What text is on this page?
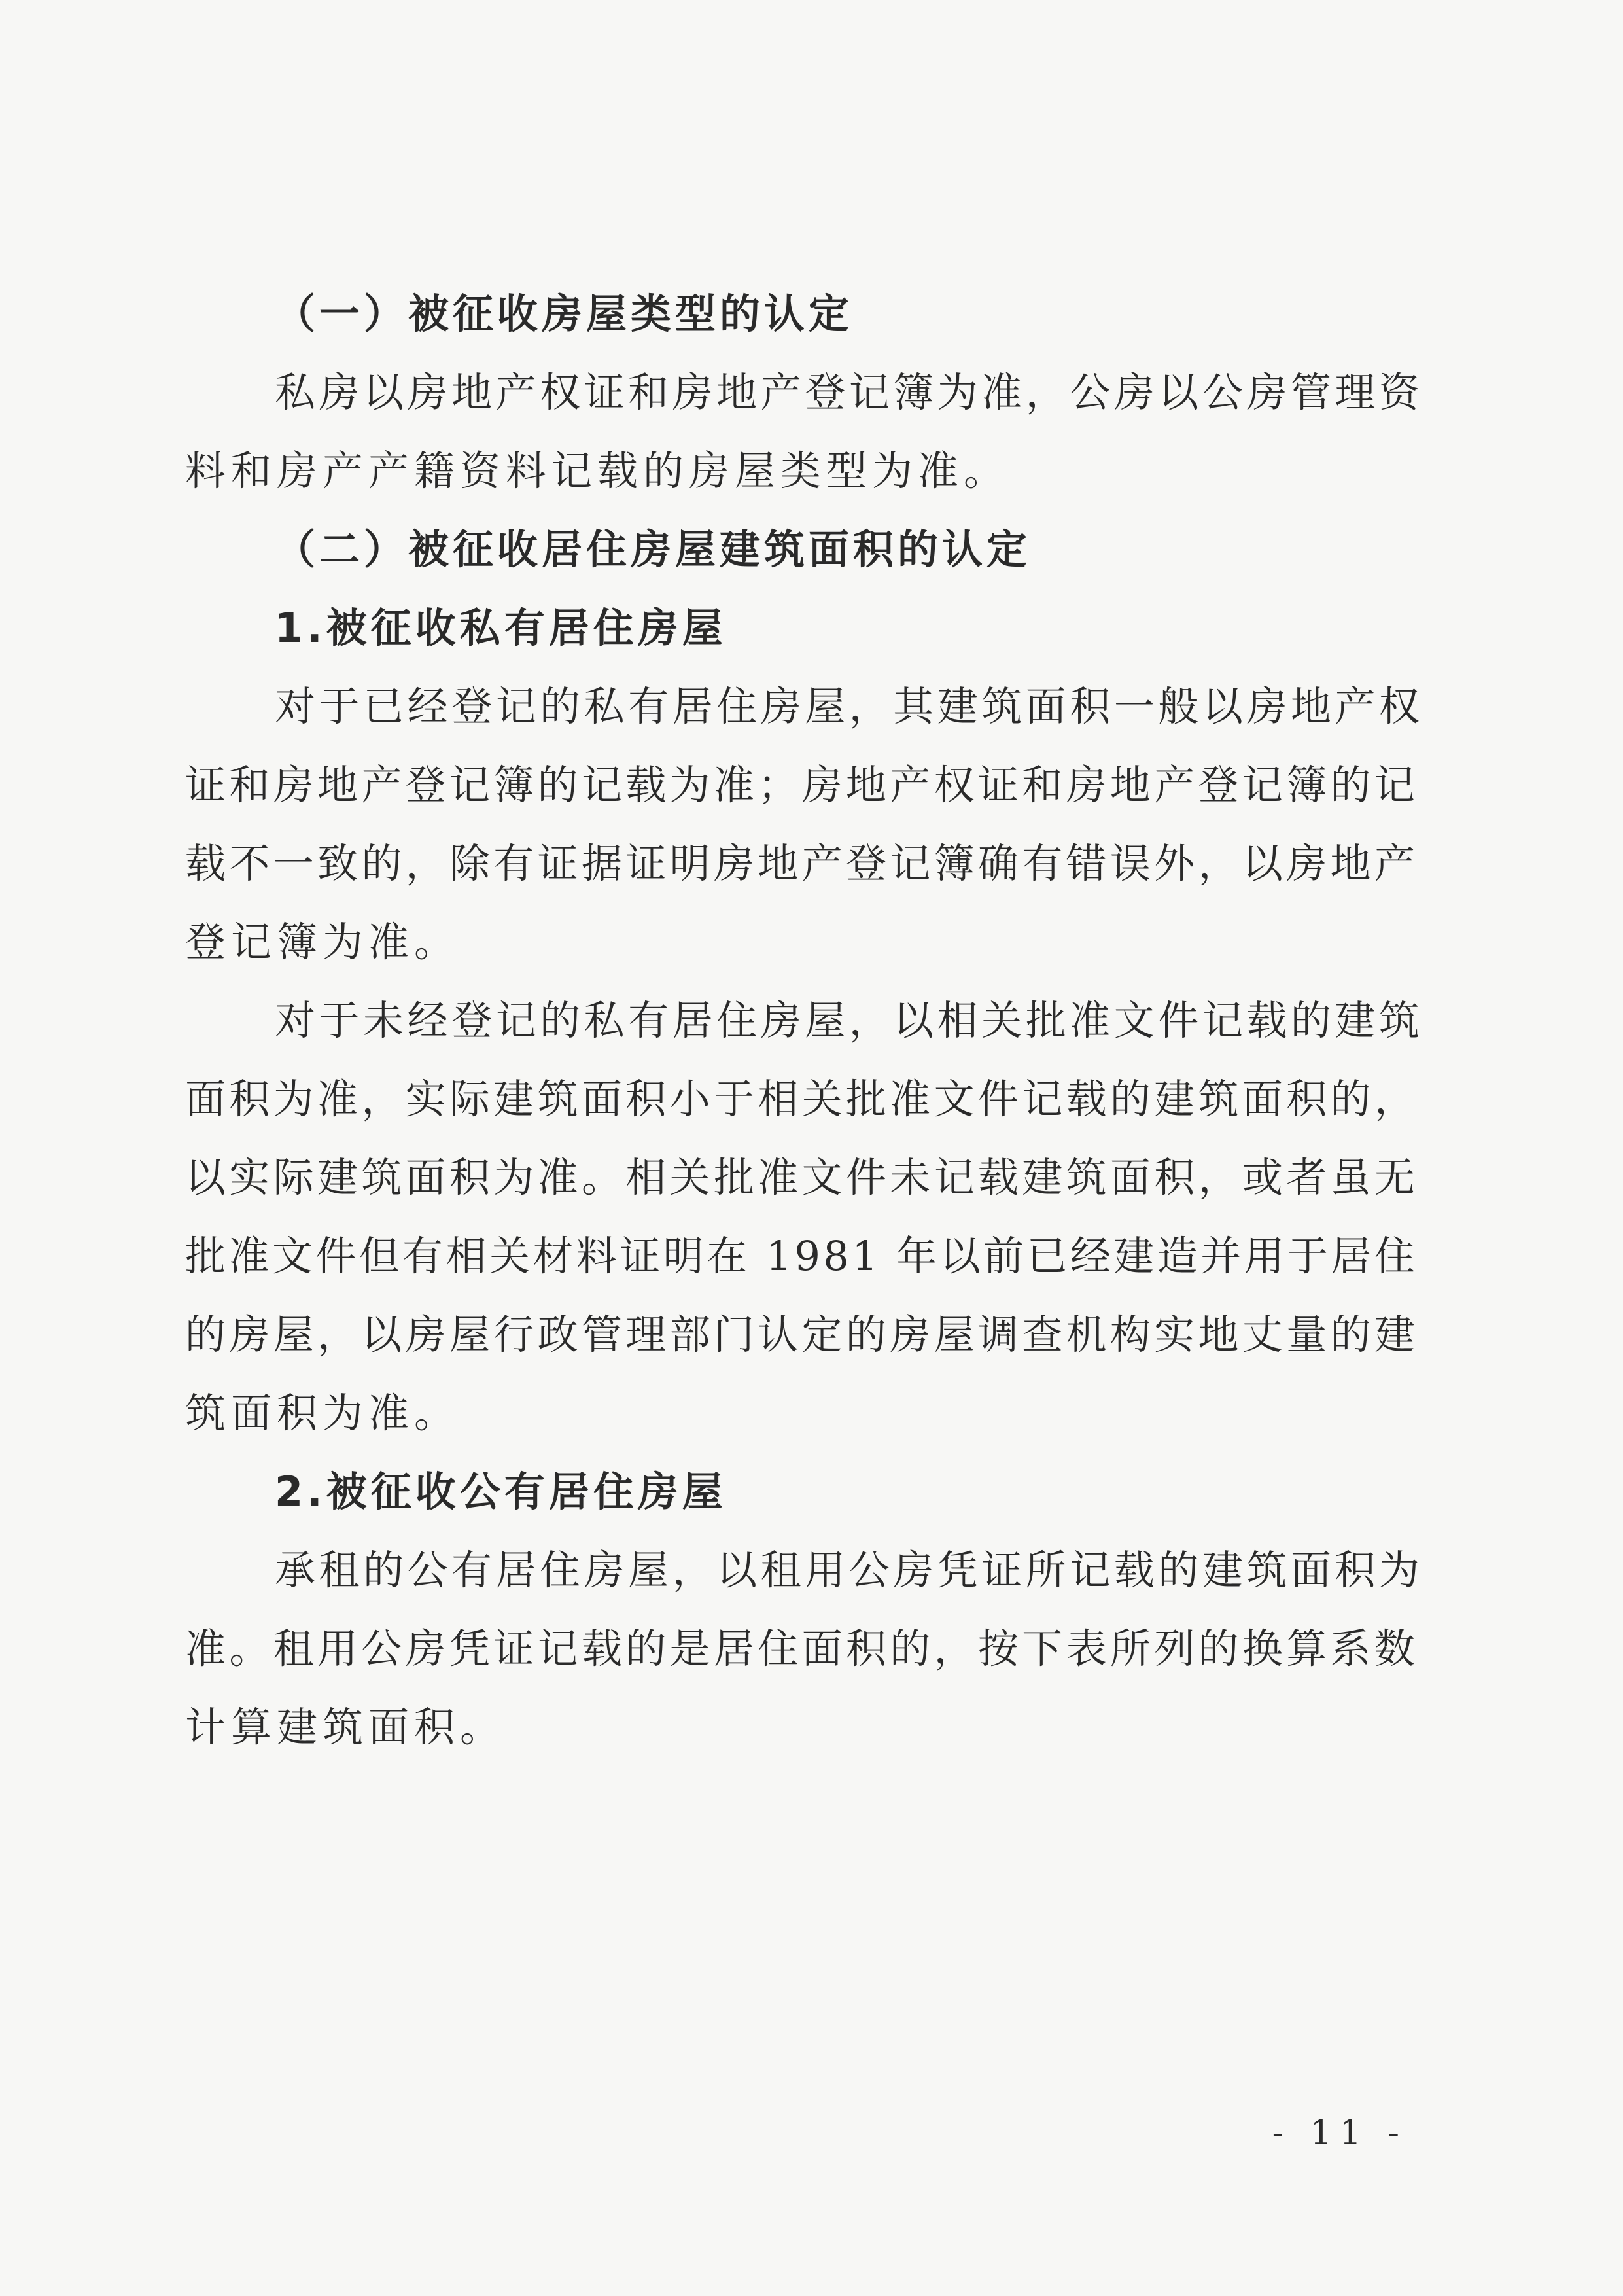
（一）被征收房屋类型的认定
私 房 以 房 地 产 权 证 和 房 地 产 登 记 簿 为 准 ， 公 房 以 公 房 管 理 资
料和房产产籍资料记载的房屋类型为准。
（二）被征收居住房屋建筑面积的认定
1.被征收私有居住房屋
对 于 已 经 登 记 的 私 有 居 住 房 屋 ， 其 建 筑 面 积 一 般 以 房 地 产 权
证 和 房 地 产 登 记 簿 的 记 载 为 准 ； 房 地 产 权 证 和 房 地 产 登 记 簿 的 记
载 不 一 致 的 ， 除 有 证 据 证 明 房 地 产 登 记 簿 确 有 错 误 外 ， 以 房 地 产
登记簿为准。
对 于 未 经 登 记 的 私 有 居 住 房 屋 ， 以 相 关 批 准 文 件 记 载 的 建 筑
面 积 为 准 ， 实 际 建 筑 面 积 小 于 相 关 批 准 文 件 记 载 的 建 筑 面 积 的 ，
以 实 际 建 筑 面 积 为 准 。 相 关 批 准 文 件 未 记 载 建 筑 面 积 ， 或 者 虽 无
批 准 文 件 但 有 相 关 材 料 证 明 在
1 9 8 1
年 以 前 已 经 建 造 并 用 于 居 住
的 房 屋 ， 以 房 屋 行 政 管 理 部 门 认 定 的 房 屋 调 查 机 构 实 地 丈 量 的 建
筑面积为准。
2.被征收公有居住房屋
承 租 的 公 有 居 住 房 屋 ， 以 租 用 公 房 凭 证 所 记 载 的 建 筑 面 积 为
准 。 租 用 公 房 凭 证 记 载 的 是 居 住 面 积 的 ， 按 下 表 所 列 的 换 算 系 数
计算建筑面积。
- 11 -
